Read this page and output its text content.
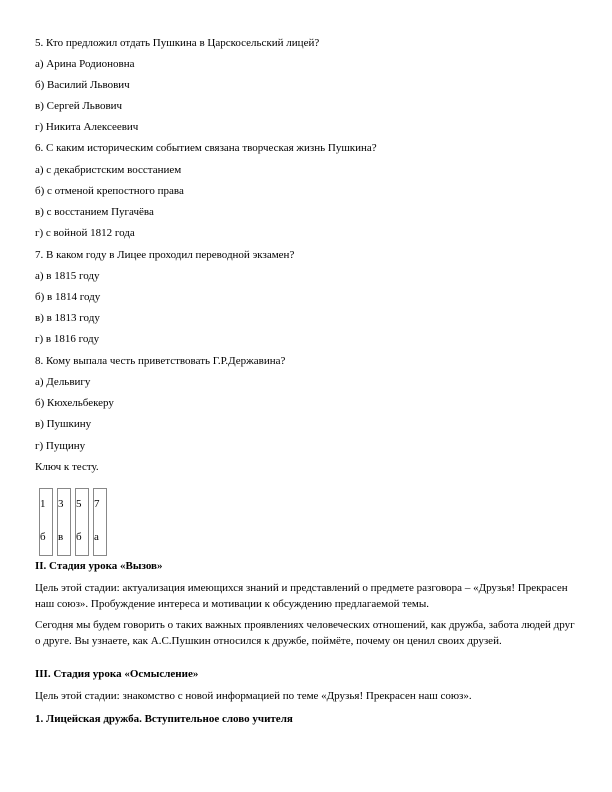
5. Кто предложил отдать Пушкина в Царскосельский лицей?
а) Арина Родионовна
б) Василий Львович
в) Сергей Львович
г) Никита Алексеевич
6. С каким историческим событием связана творческая жизнь Пушкина?
а) с декабристским восстанием
б) с отменой крепостного права
в) с восстанием Пугачёва
г) с войной 1812 года
7. В каком году в Лицее проходил переводной экзамен?
а) в 1815 году
б) в 1814 году
в) в 1813 году
г) в 1816 году
8. Кому выпала честь приветствовать Г.Р.Державина?
а) Дельвигу
б) Кюхельбекеру
в) Пушкину
г) Пущину
Ключ к тесту.
1	3	5	7
б	в	б	а
II. Стадия урока «Вызов»
Цель этой стадии: актуализация имеющихся знаний и представлений о предмете разговора – «Друзья! Прекрасен наш союз». Пробуждение интереса и мотивации к обсуждению предлагаемой темы.
Сегодня мы будем говорить о таких важных проявлениях человеческих отношений, как дружба, забота людей друг о друге. Вы узнаете, как А.С.Пушкин относился к дружбе, поймёте, почему он ценил своих друзей.
III. Стадия урока «Осмысление»
Цель этой стадии: знакомство с новой информацией по теме «Друзья! Прекрасен наш союз».
1. Лицейская дружба. Вступительное слово учителя
